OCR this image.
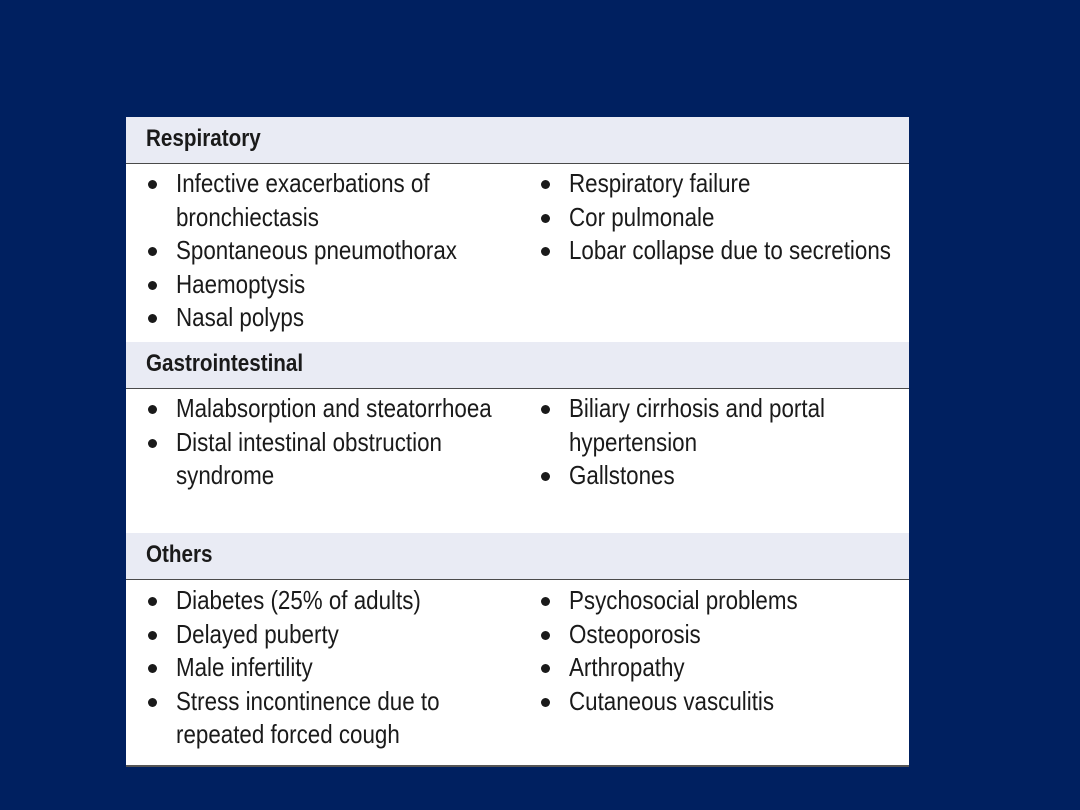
Respiratory
Infective exacerbations of bronchiectasis
Spontaneous pneumothorax
Haemoptysis
Nasal polyps
Respiratory failure
Cor pulmonale
Lobar collapse due to secretions
Gastrointestinal
Malabsorption and steatorrhoea
Distal intestinal obstruction syndrome
Biliary cirrhosis and portal hypertension
Gallstones
Others
Diabetes (25% of adults)
Delayed puberty
Male infertility
Stress incontinence due to repeated forced cough
Psychosocial problems
Osteoporosis
Arthropathy
Cutaneous vasculitis
